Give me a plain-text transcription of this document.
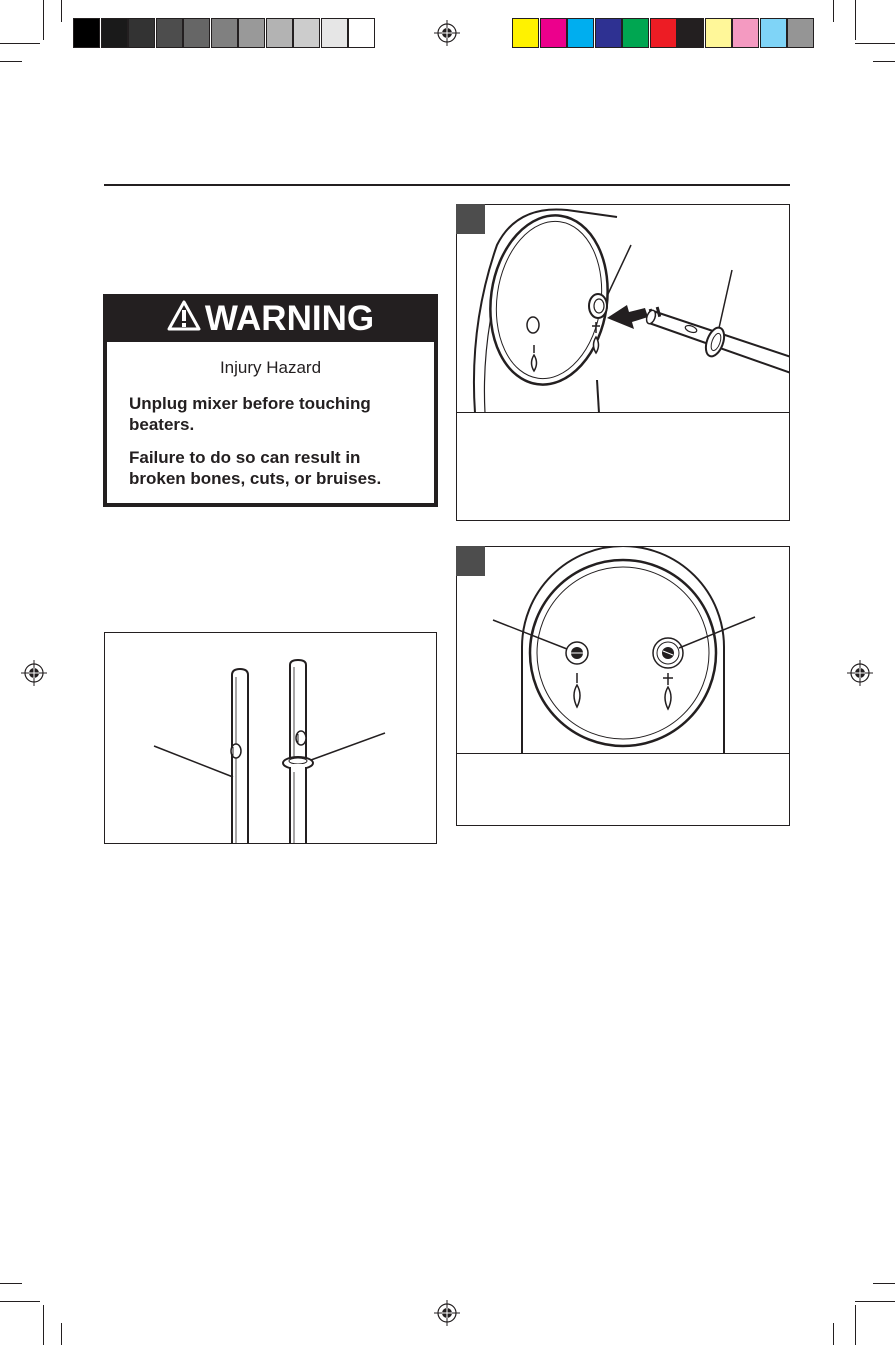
WARNING
Injury Hazard
Unplug mixer before touching
beaters.
Failure to do so can result in
broken bones, cuts, or bruises.
